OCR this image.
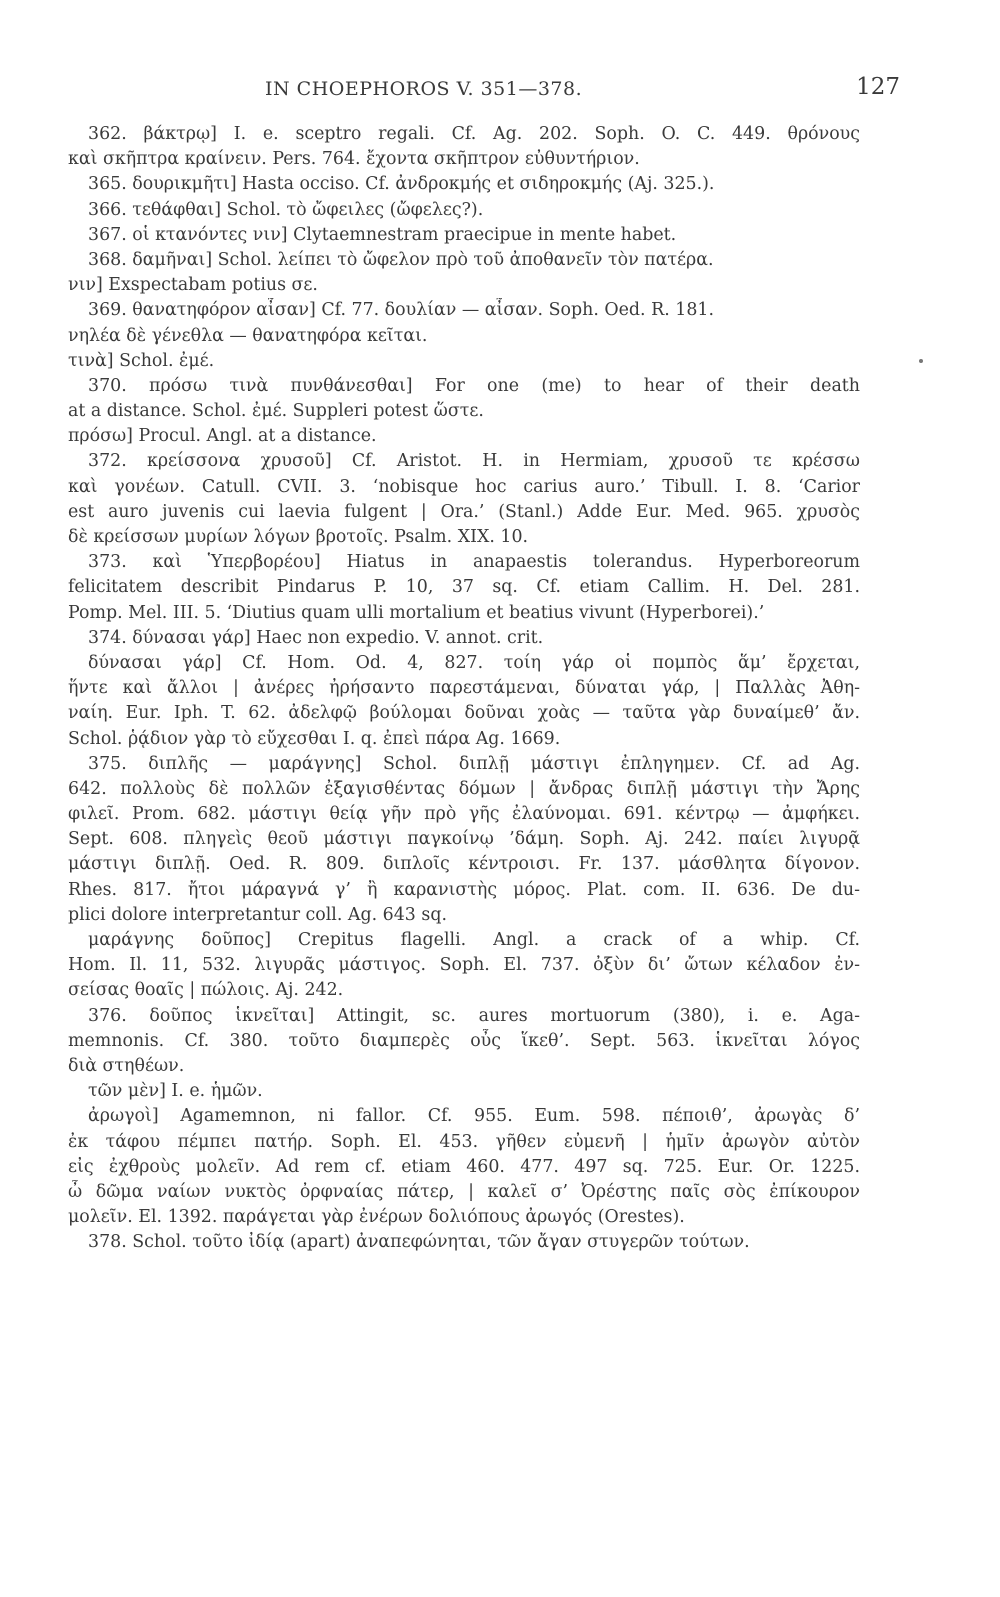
IN CHOEPHOROS V. 351—378.	127
362. βάκτρῳ] I. e. sceptro regali. Cf. Ag. 202. Soph. O. C. 449. θρόνους
καὶ σκῆπτρα κραίνειν. Pers. 764. ἔχοντα σκῆπτρον εὐθυντήριον.
365. δουρικμῆτι] Hasta occiso. Cf. ἀνδροκμής et σιδηροκμής (Aj. 325.).
366. τεθάφθαι] Schol. τὸ ὤφειλες (ὤφελες?).
367. οἱ κτανόντες νιν] Clytaemnestram praecipue in mente habet.
368. δαμῆναι] Schol. λείπει τὸ ὤφελον πρὸ τοῦ ἀποθανεῖν τὸν πατέρα.
νιν] Exspectabam potius σε.
369. θανατηφόρον αἶσαν] Cf. 77. δουλίαν — αἶσαν. Soph. Oed. R. 181.
νηλέα δὲ γένεθλα — θανατηφόρα κεῖται.
τινὰ] Schol. ἐμέ.
370. πρόσω τινὰ πυνθάνεσθαι] For one (me) to hear of their death
at a distance. Schol. ἐμέ. Suppleri potest ὥστε.
πρόσω] Procul. Angl. at a distance.
372. κρείσσονα χρυσοῦ] Cf. Aristot. H. in Hermiam, χρυσοῦ τε κρέσσω
καὶ γονέων. Catull. CVII. 3. ‘nobisque hoc carius auro.’ Tibull. I. 8. ‘Carior
est auro juvenis cui laevia fulgent | Ora.’ (Stanl.) Adde Eur. Med. 965. χρυσὸς
δὲ κρείσσων μυρίων λόγων βροτοῖς. Psalm. XIX. 10.
373. καὶ Ὑπερβορέου] Hiatus in anapaestis tolerandus. Hyperboreorum
felicitatem describit Pindarus P. 10, 37 sq. Cf. etiam Callim. H. Del. 281.
Pomp. Mel. III. 5. ‘Diutius quam ulli mortalium et beatius vivunt (Hyperborei).’
374. δύνασαι γάρ] Haec non expedio. V. annot. crit.
δύνασαι γάρ] Cf. Hom. Od. 4, 827. τοίη γάρ οἱ πομπὸς ἅμ’ ἔρχεται,
ἥντε καὶ ἄλλοι | ἀνέρες ἠρήσαντο παρεστάμεναι, δύναται γάρ, | Παλλὰς Ἀθη-
ναίη. Eur. Iph. T. 62. ἀδελφῷ βούλομαι δοῦναι χοὰς — ταῦτα γὰρ δυναίμεθ’ ἄν.
Schol. ῥᾴδιον γὰρ τὸ εὔχεσθαι I. q. ἐπεὶ πάρα Ag. 1669.
375. διπλῆς — μαράγνης] Schol. διπλῇ μάστιγι ἐπληγημεν. Cf. ad Ag.
642. πολλοὺς δὲ πολλῶν ἐξαγισθέντας δόμων | ἄνδρας διπλῇ μάστιγι τὴν Ἄρης
φιλεῖ. Prom. 682. μάστιγι θείᾳ γῆν πρὸ γῆς ἐλαύνομαι. 691. κέντρῳ — ἀμφήκει.
Sept. 608. πληγεὶς θεοῦ μάστιγι παγκοίνῳ ’δάμη. Soph. Aj. 242. παίει λιγυρᾷ
μάστιγι διπλῇ. Oed. R. 809. διπλοῖς κέντροισι. Fr. 137. μάσθλητα δίγονον.
Rhes. 817. ἤτοι μάραγνά γ’ ἢ καρανιστὴς μόρος. Plat. com. II. 636. De du-
plici dolore interpretantur coll. Ag. 643 sq.
μαράγνης δοῦπος] Crepitus flagelli. Angl. a crack of a whip. Cf.
Hom. Il. 11, 532. λιγυρᾶς μάστιγος. Soph. El. 737. ὀξὺν δι’ ὤτων κέλαδον ἐν-
σείσας θοαῖς | πώλοις. Aj. 242.
376. δοῦπος ἱκνεῖται] Attingit, sc. aures mortuorum (380), i. e. Aga-
memnonis. Cf. 380. τοῦτο διαμπερὲς οὖς ἵκεθ’. Sept. 563. ἱκνεῖται λόγος
διὰ στηθέων.
τῶν μὲν] I. e. ἡμῶν.
ἀρωγοὶ] Agamemnon, ni fallor. Cf. 955. Eum. 598. πέποιθ’, ἀρωγὰς δ’
ἐκ τάφου πέμπει πατήρ. Soph. El. 453. γῆθεν εὐμενῆ | ἡμῖν ἀρωγὸν αὐτὸν
εἰς ἐχθροὺς μολεῖν. Ad rem cf. etiam 460. 477. 497 sq. 725. Eur. Or. 1225.
ὦ δῶμα ναίων νυκτὸς ὀρφναίας πάτερ, | καλεῖ σ’ Ὀρέστης παῖς σὸς ἐπίκουρον
μολεῖν. El. 1392. παράγεται γὰρ ἐνέρων δολιόπους ἀρωγός (Orestes).
378. Schol. τοῦτο ἰδίᾳ (apart) ἀναπεφώνηται, τῶν ἄγαν στυγερῶν τούτων.
